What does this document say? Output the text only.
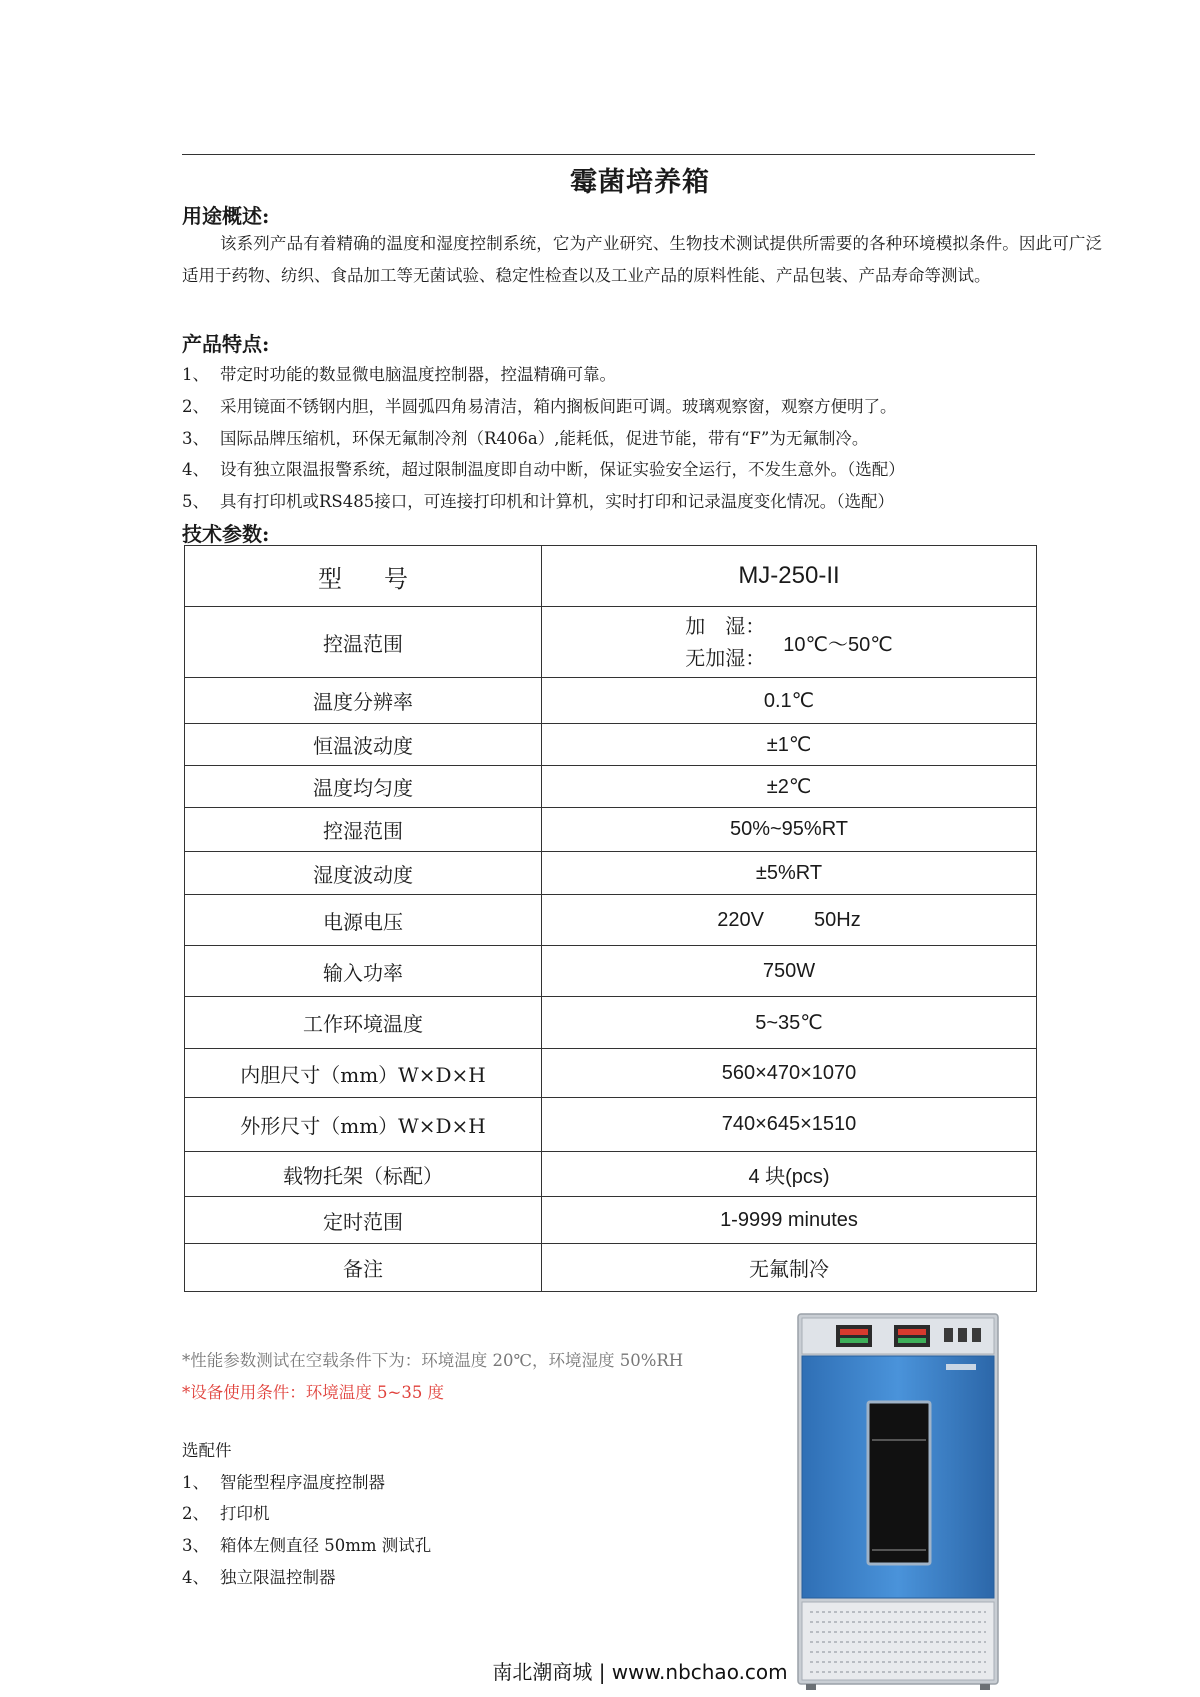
霉菌培养箱
用途概述:
该系列产品有着精确的温度和湿度控制系统，它为产业研究、生物技术测试提供所需要的各种环境模拟条件。因此可广泛适用于药物、纺织、食品加工等无菌试验、稳定性检查以及工业产品的原料性能、产品包装、产品寿命等测试。
产品特点:
1、 带定时功能的数显微电脑温度控制器，控温精确可靠。
2、 采用镜面不锈钢内胆，半圆弧四角易清洁，箱内搁板间距可调。玻璃观察窗，观察方便明了。
3、 国际品牌压缩机，环保无氟制冷剂（R406a）,能耗低，促进节能，带有“F”为无氟制冷。
4、 设有独立限温报警系统，超过限制温度即自动中断，保证实验安全运行，不发生意外。（选配）
5、 具有打印机或RS485接口，可连接打印机和计算机，实时打印和记录温度变化情况。（选配）
技术参数:
型 号	MJ-250-II
控温范围	加　湿：
无加湿：
10℃～50℃

温度分辨率	0.1℃
恒温波动度	±1℃
温度均匀度	±2℃
控湿范围	50%~95%RT
湿度波动度	±5%RT
电源电压	220V 50Hz
输入功率	750W
工作环境温度	5~35℃
内胆尺寸（mm）W×D×H	560×470×1070
外形尺寸（mm）W×D×H	740×645×1510
载物托架（标配）	4 块(pcs)
定时范围	1-9999 minutes
备注	无氟制冷
*性能参数测试在空载条件下为：环境温度 20℃，环境湿度 50%RH
*设备使用条件：环境温度 5~35 度
选配件
1、 智能型程序温度控制器
2、 打印机
3、 箱体左侧直径 50mm 测试孔
4、 独立限温控制器
南北潮商城 | www.nbchao.com
